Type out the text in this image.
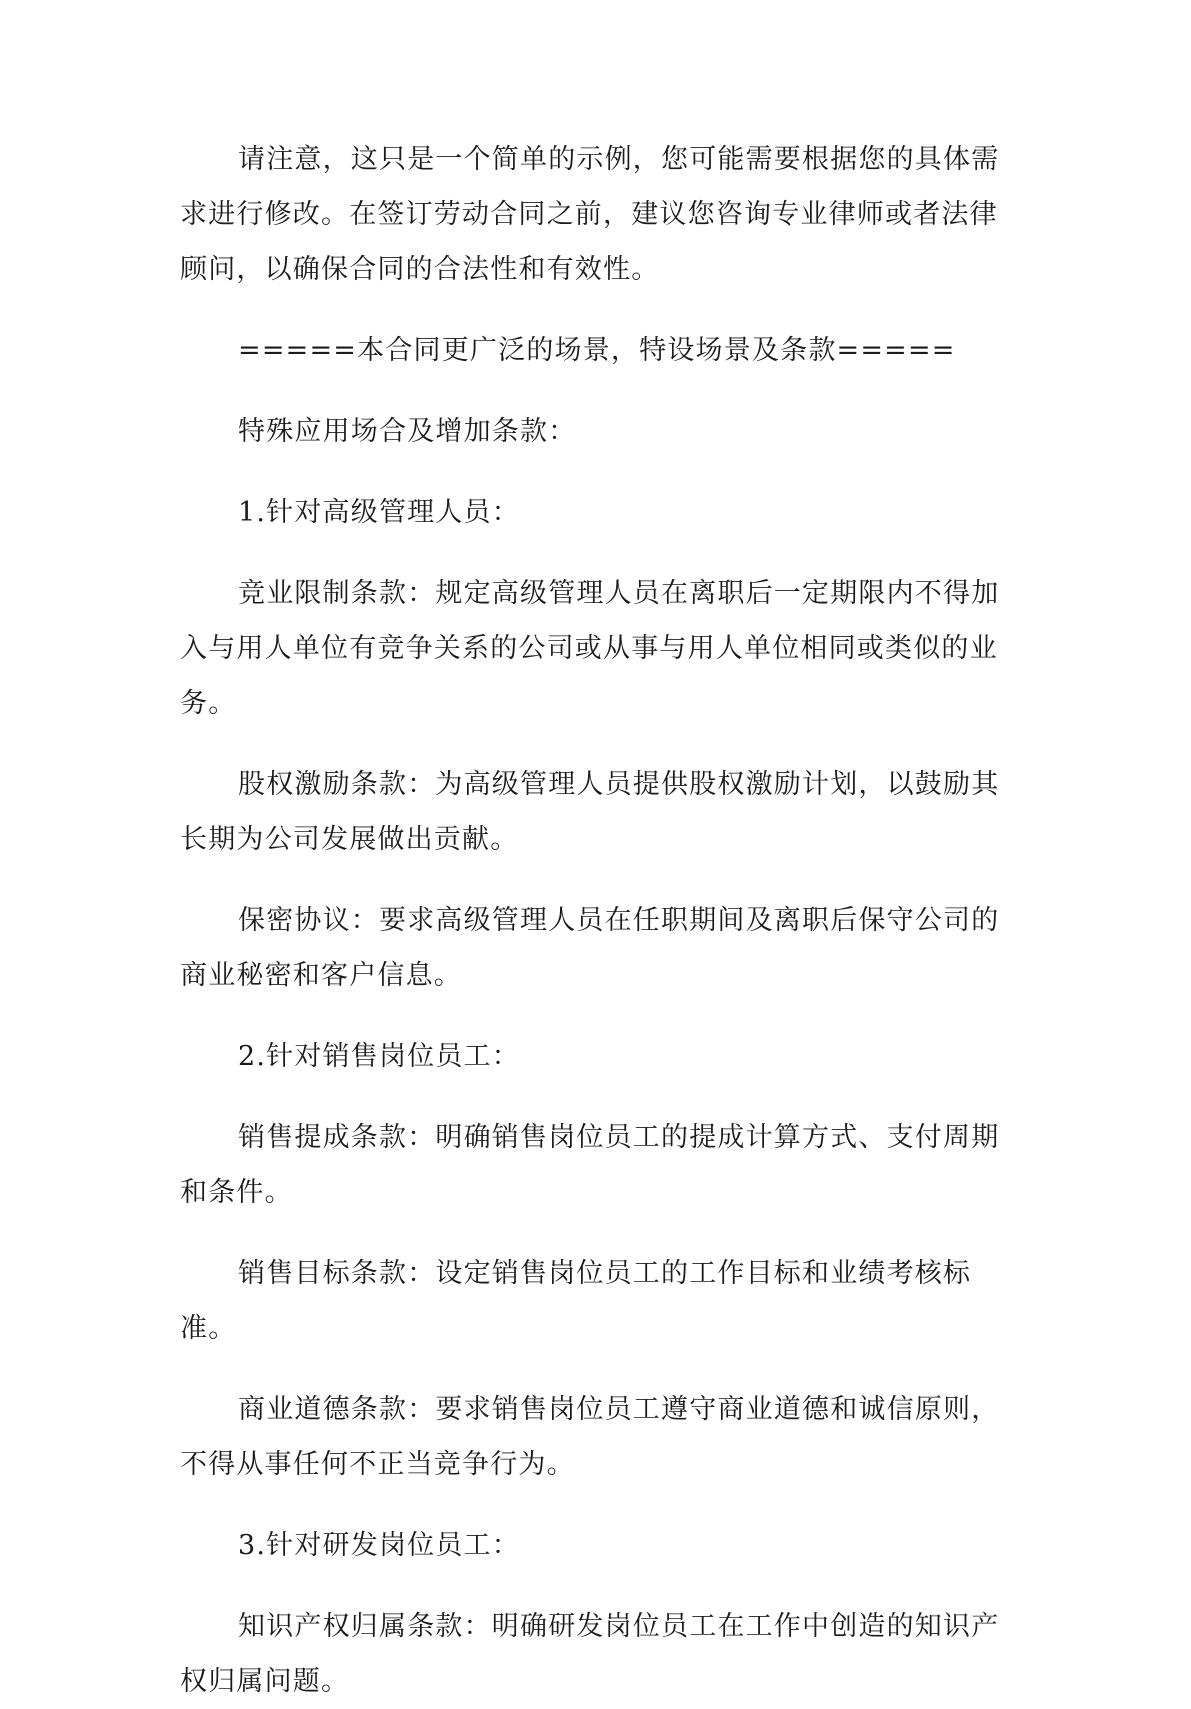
请注意，这只是一个简单的示例，您可能需要根据您的具体需求进行修改。在签订劳动合同之前，建议您咨询专业律师或者法律顾问，以确保合同的合法性和有效性。

=====本合同更广泛的场景，特设场景及条款=====

特殊应用场合及增加条款：

1.针对高级管理人员：

竞业限制条款：规定高级管理人员在离职后一定期限内不得加入与用人单位有竞争关系的公司或从事与用人单位相同或类似的业务。

股权激励条款：为高级管理人员提供股权激励计划，以鼓励其长期为公司发展做出贡献。

保密协议：要求高级管理人员在任职期间及离职后保守公司的商业秘密和客户信息。

2.针对销售岗位员工：

销售提成条款：明确销售岗位员工的提成计算方式、支付周期和条件。

销售目标条款：设定销售岗位员工的工作目标和业绩考核标准。

商业道德条款：要求销售岗位员工遵守商业道德和诚信原则，不得从事任何不正当竞争行为。

3.针对研发岗位员工：

知识产权归属条款：明确研发岗位员工在工作中创造的知识产权归属问题。
